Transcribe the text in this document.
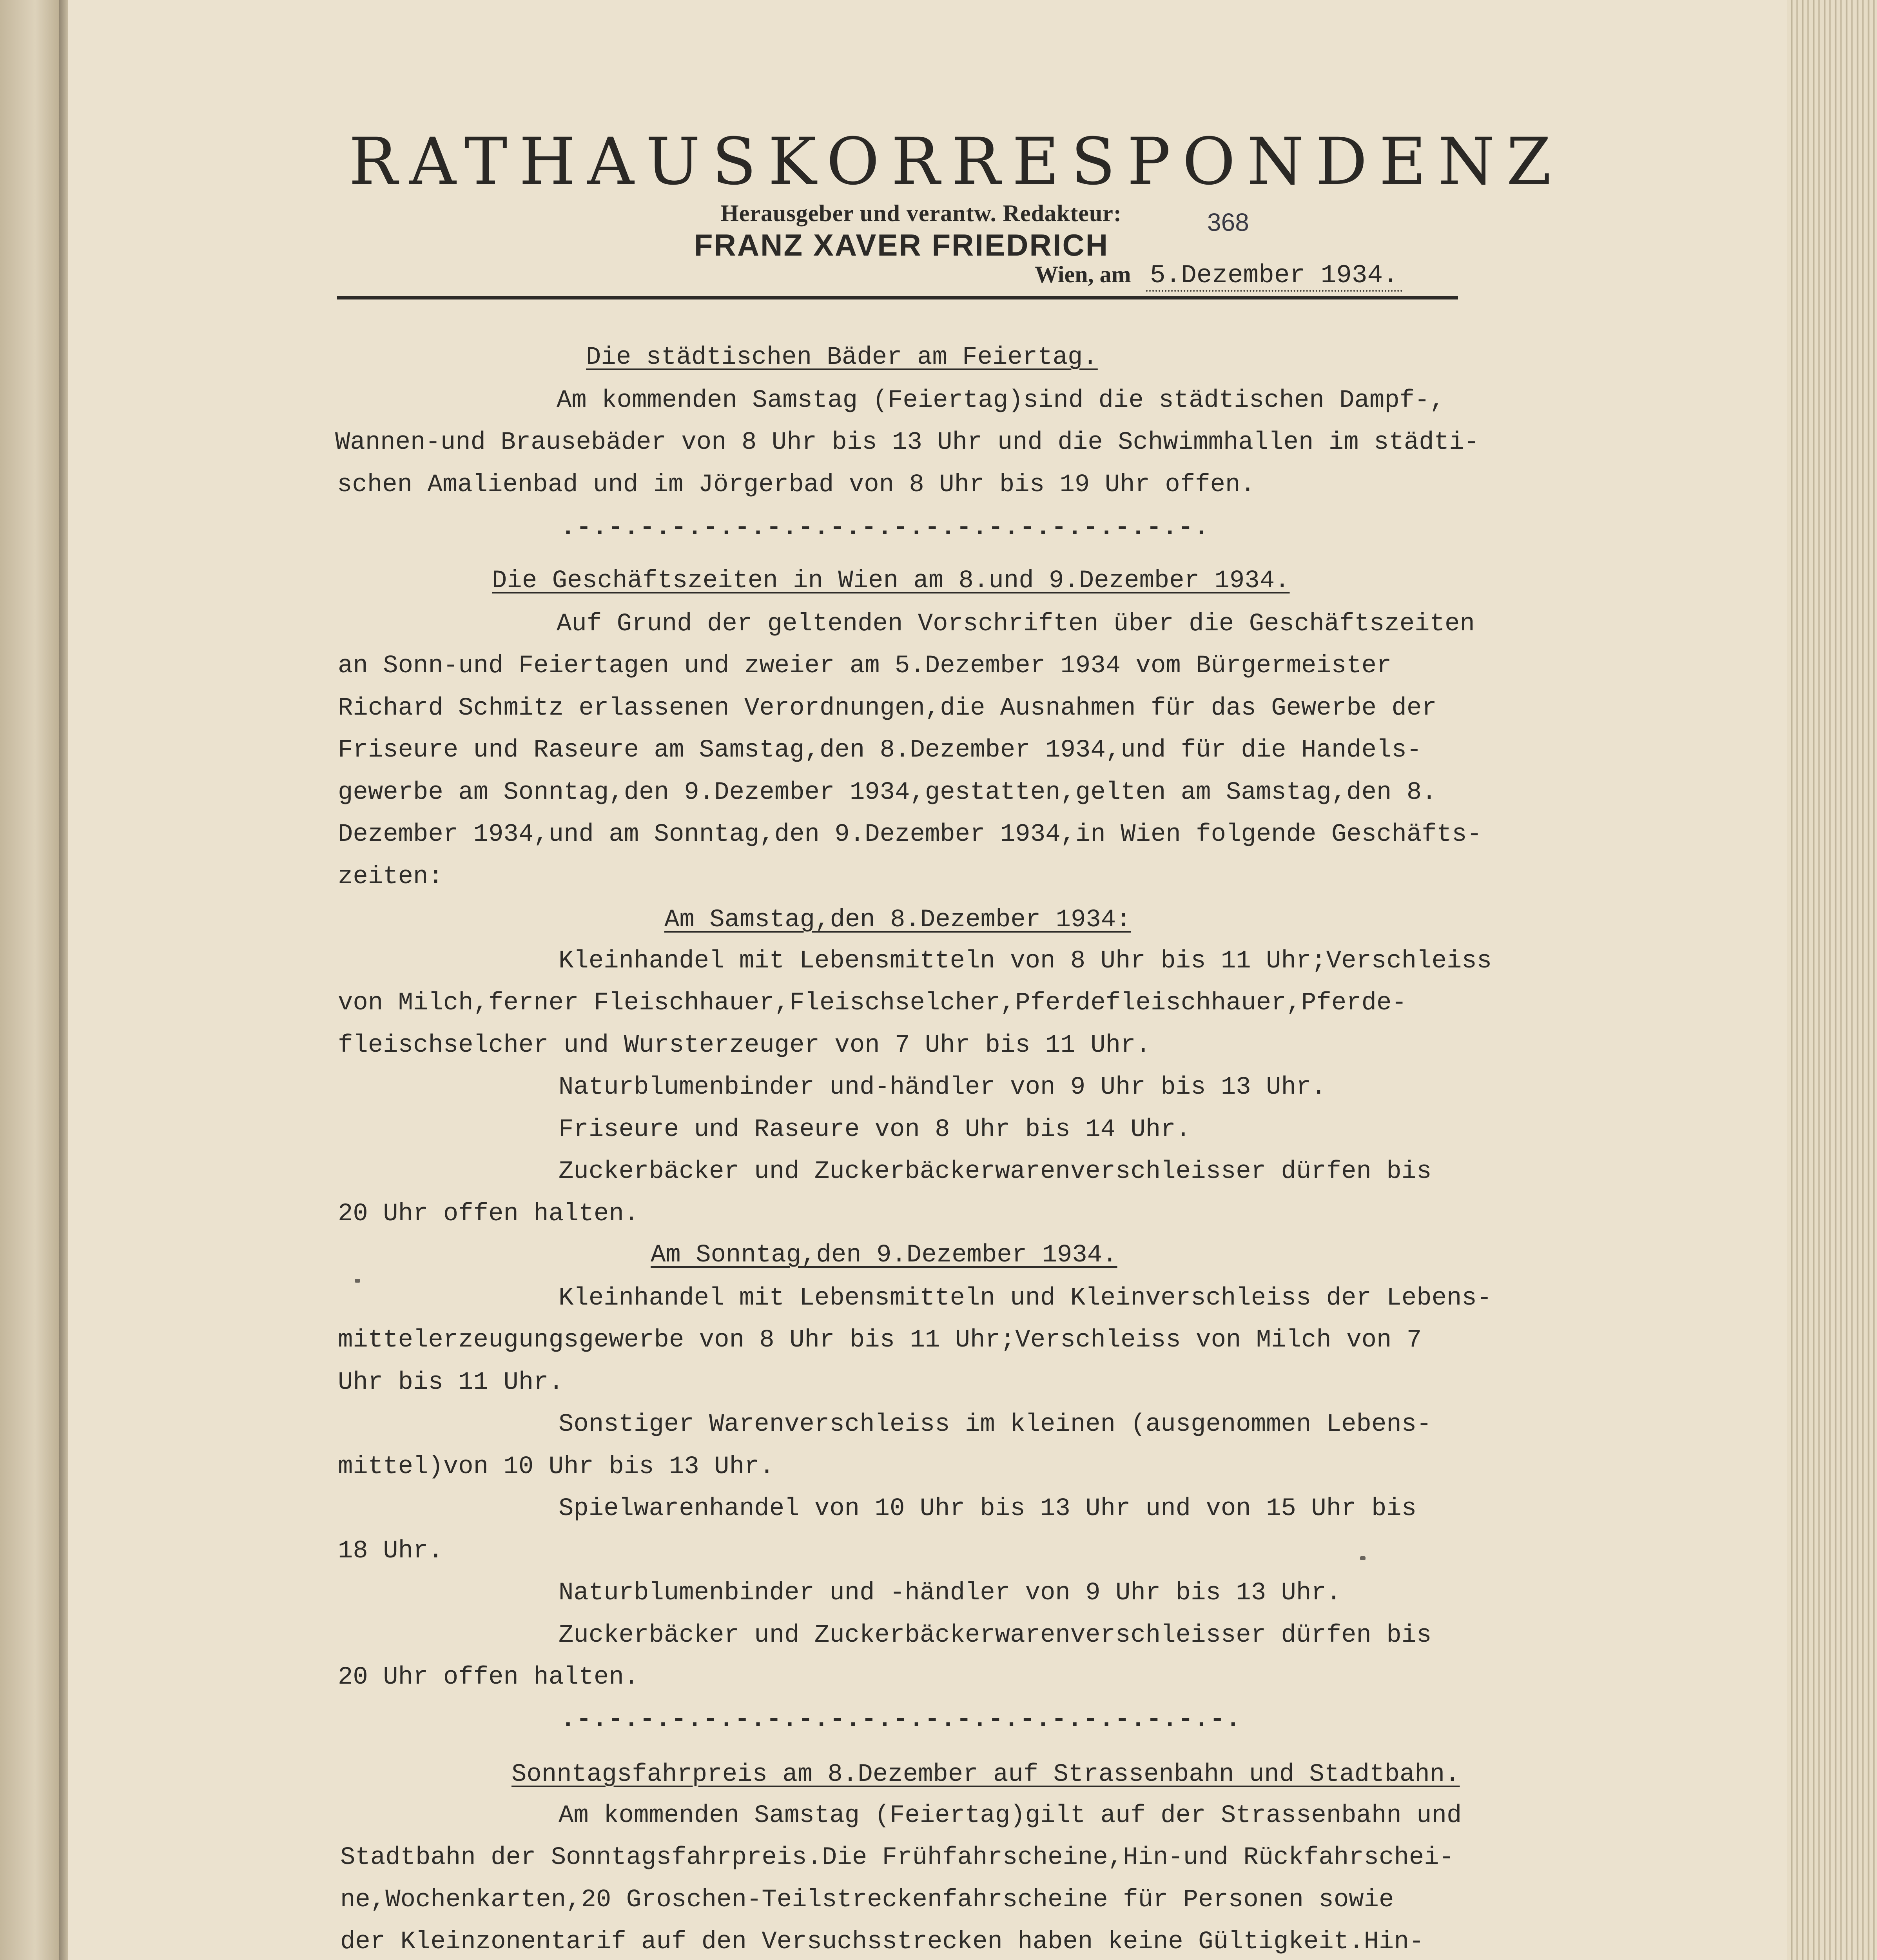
RATHAUSKORRESPONDENZ
Herausgeber und verantw. Redakteur:
FRANZ XAVER FRIEDRICH
368
Wien, am 5.Dezember 1934.
Die städtischen Bäder am Feiertag.
Am kommenden Samstag (Feiertag)sind die städtischen Dampf-,
Wannen-und Brausebäder von 8 Uhr bis 13 Uhr und die Schwimmhallen im städti-
schen Amalienbad und im Jörgerbad von 8 Uhr bis 19 Uhr offen.
.-.-.-.-.-.-.-.-.-.-.-.-.-.-.-.-.-.-.-.-.
Die Geschäftszeiten in Wien am 8.und 9.Dezember 1934.
Auf Grund der geltenden Vorschriften über die Geschäftszeiten
an Sonn-und Feiertagen und zweier am 5.Dezember 1934 vom Bürgermeister
Richard Schmitz erlassenen Verordnungen,die Ausnahmen für das Gewerbe der
Friseure und Raseure am Samstag,den 8.Dezember 1934,und für die Handels-
gewerbe am Sonntag,den 9.Dezember 1934,gestatten,gelten am Samstag,den 8.
Dezember 1934,und am Sonntag,den 9.Dezember 1934,in Wien folgende Geschäfts-
zeiten:
Am Samstag,den 8.Dezember 1934:
Kleinhandel mit Lebensmitteln von 8 Uhr bis 11 Uhr;Verschleiss
von Milch,ferner Fleischhauer,Fleischselcher,Pferdefleischhauer,Pferde-
fleischselcher und Wursterzeuger von 7 Uhr bis 11 Uhr.
Naturblumenbinder und-händler von 9 Uhr bis 13 Uhr.
Friseure und Raseure von 8 Uhr bis 14 Uhr.
Zuckerbäcker und Zuckerbäckerwarenverschleisser dürfen bis
20 Uhr offen halten.
Am Sonntag,den 9.Dezember 1934.
Kleinhandel mit Lebensmitteln und Kleinverschleiss der Lebens-
mittelerzeugungsgewerbe von 8 Uhr bis 11 Uhr;Verschleiss von Milch von 7
Uhr bis 11 Uhr.
Sonstiger Warenverschleiss im kleinen (ausgenommen Lebens-
mittel)von 10 Uhr bis 13 Uhr.
Spielwarenhandel von 10 Uhr bis 13 Uhr und von 15 Uhr bis
18 Uhr.
Naturblumenbinder und -händler von 9 Uhr bis 13 Uhr.
Zuckerbäcker und Zuckerbäckerwarenverschleisser dürfen bis
20 Uhr offen halten.
.-.-.-.-.-.-.-.-.-.-.-.-.-.-.-.-.-.-.-.-.-.
Sonntagsfahrpreis am 8.Dezember auf Strassenbahn und Stadtbahn.
Am kommenden Samstag (Feiertag)gilt auf der Strassenbahn und
Stadtbahn der Sonntagsfahrpreis.Die Frühfahrscheine,Hin-und Rückfahrschei-
ne,Wochenkarten,20 Groschen-Teilstreckenfahrscheine für Personen sowie
der Kleinzonentarif auf den Versuchsstrecken haben keine Gültigkeit.Hin-
